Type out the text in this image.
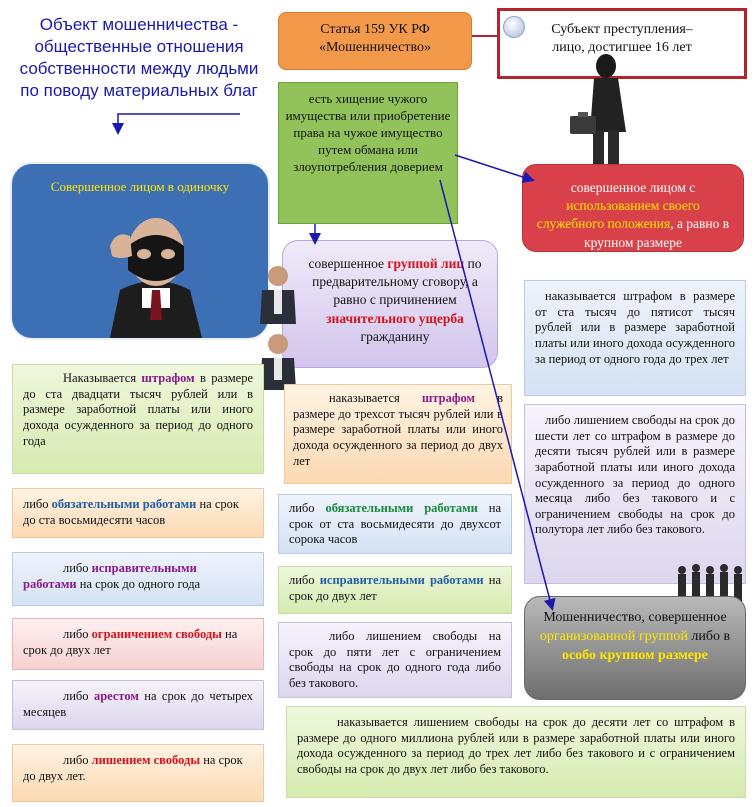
Объект мошенничества - общественные отношения собственности между людьми по поводу материальных благ
Статья 159 УК РФ
«Мошенничество»
Субъект преступления–
лицо, достигшее 16 лет
есть хищение чужого имущества или приобретение права на чужое имущество путем обмана или злоупотребления доверием
Совершенное лицом в одиночку
совершенное группой лиц по предварительному сговору, а равно с причинением значительного ущерба гражданину
совершенное лицом с использованием своего служебного положения, а равно в крупном размере
Наказывается штрафом в размере до ста двадцати тысяч рублей или в размере заработной платы или иного дохода осужденного за период до одного года
либо обязательными работами на срок до ста восьмидесяти часов
либо исправительными работами на срок до одного года
либо ограничением свободы на срок до двух лет
либо арестом на срок до четырех месяцев
либо лишением свободы на срок до двух лет.
наказывается штрафом в размере до трехсот тысяч рублей или в размере заработной платы или иного дохода осужденного за период до двух лет
либо обязательными работами на срок от ста восьмидесяти до двухсот сорока часов
либо исправительными работами на срок до двух лет
либо лишением свободы на срок до пяти лет с ограничением свободы на срок до одного года либо без такового.
наказывается штрафом в размере от ста тысяч до пятисот тысяч рублей или в размере заработной платы или иного дохода осужденного за период от одного года до трех лет
либо лишением свободы на срок до шести лет со штрафом в размере до десяти тысяч рублей или в размере заработной платы или иного дохода осужденного за период до одного месяца либо без такового и с ограничением свободы на срок до полутора лет либо без такового.
Мошенничество, совершенное организованной группой либо в особо крупном размере
наказывается лишением свободы на срок до десяти лет со штрафом в размере до одного миллиона рублей или в размере заработной платы или иного дохода осужденного за период до трех лет либо без такового и с ограничением свободы на срок до двух лет либо без такового.
